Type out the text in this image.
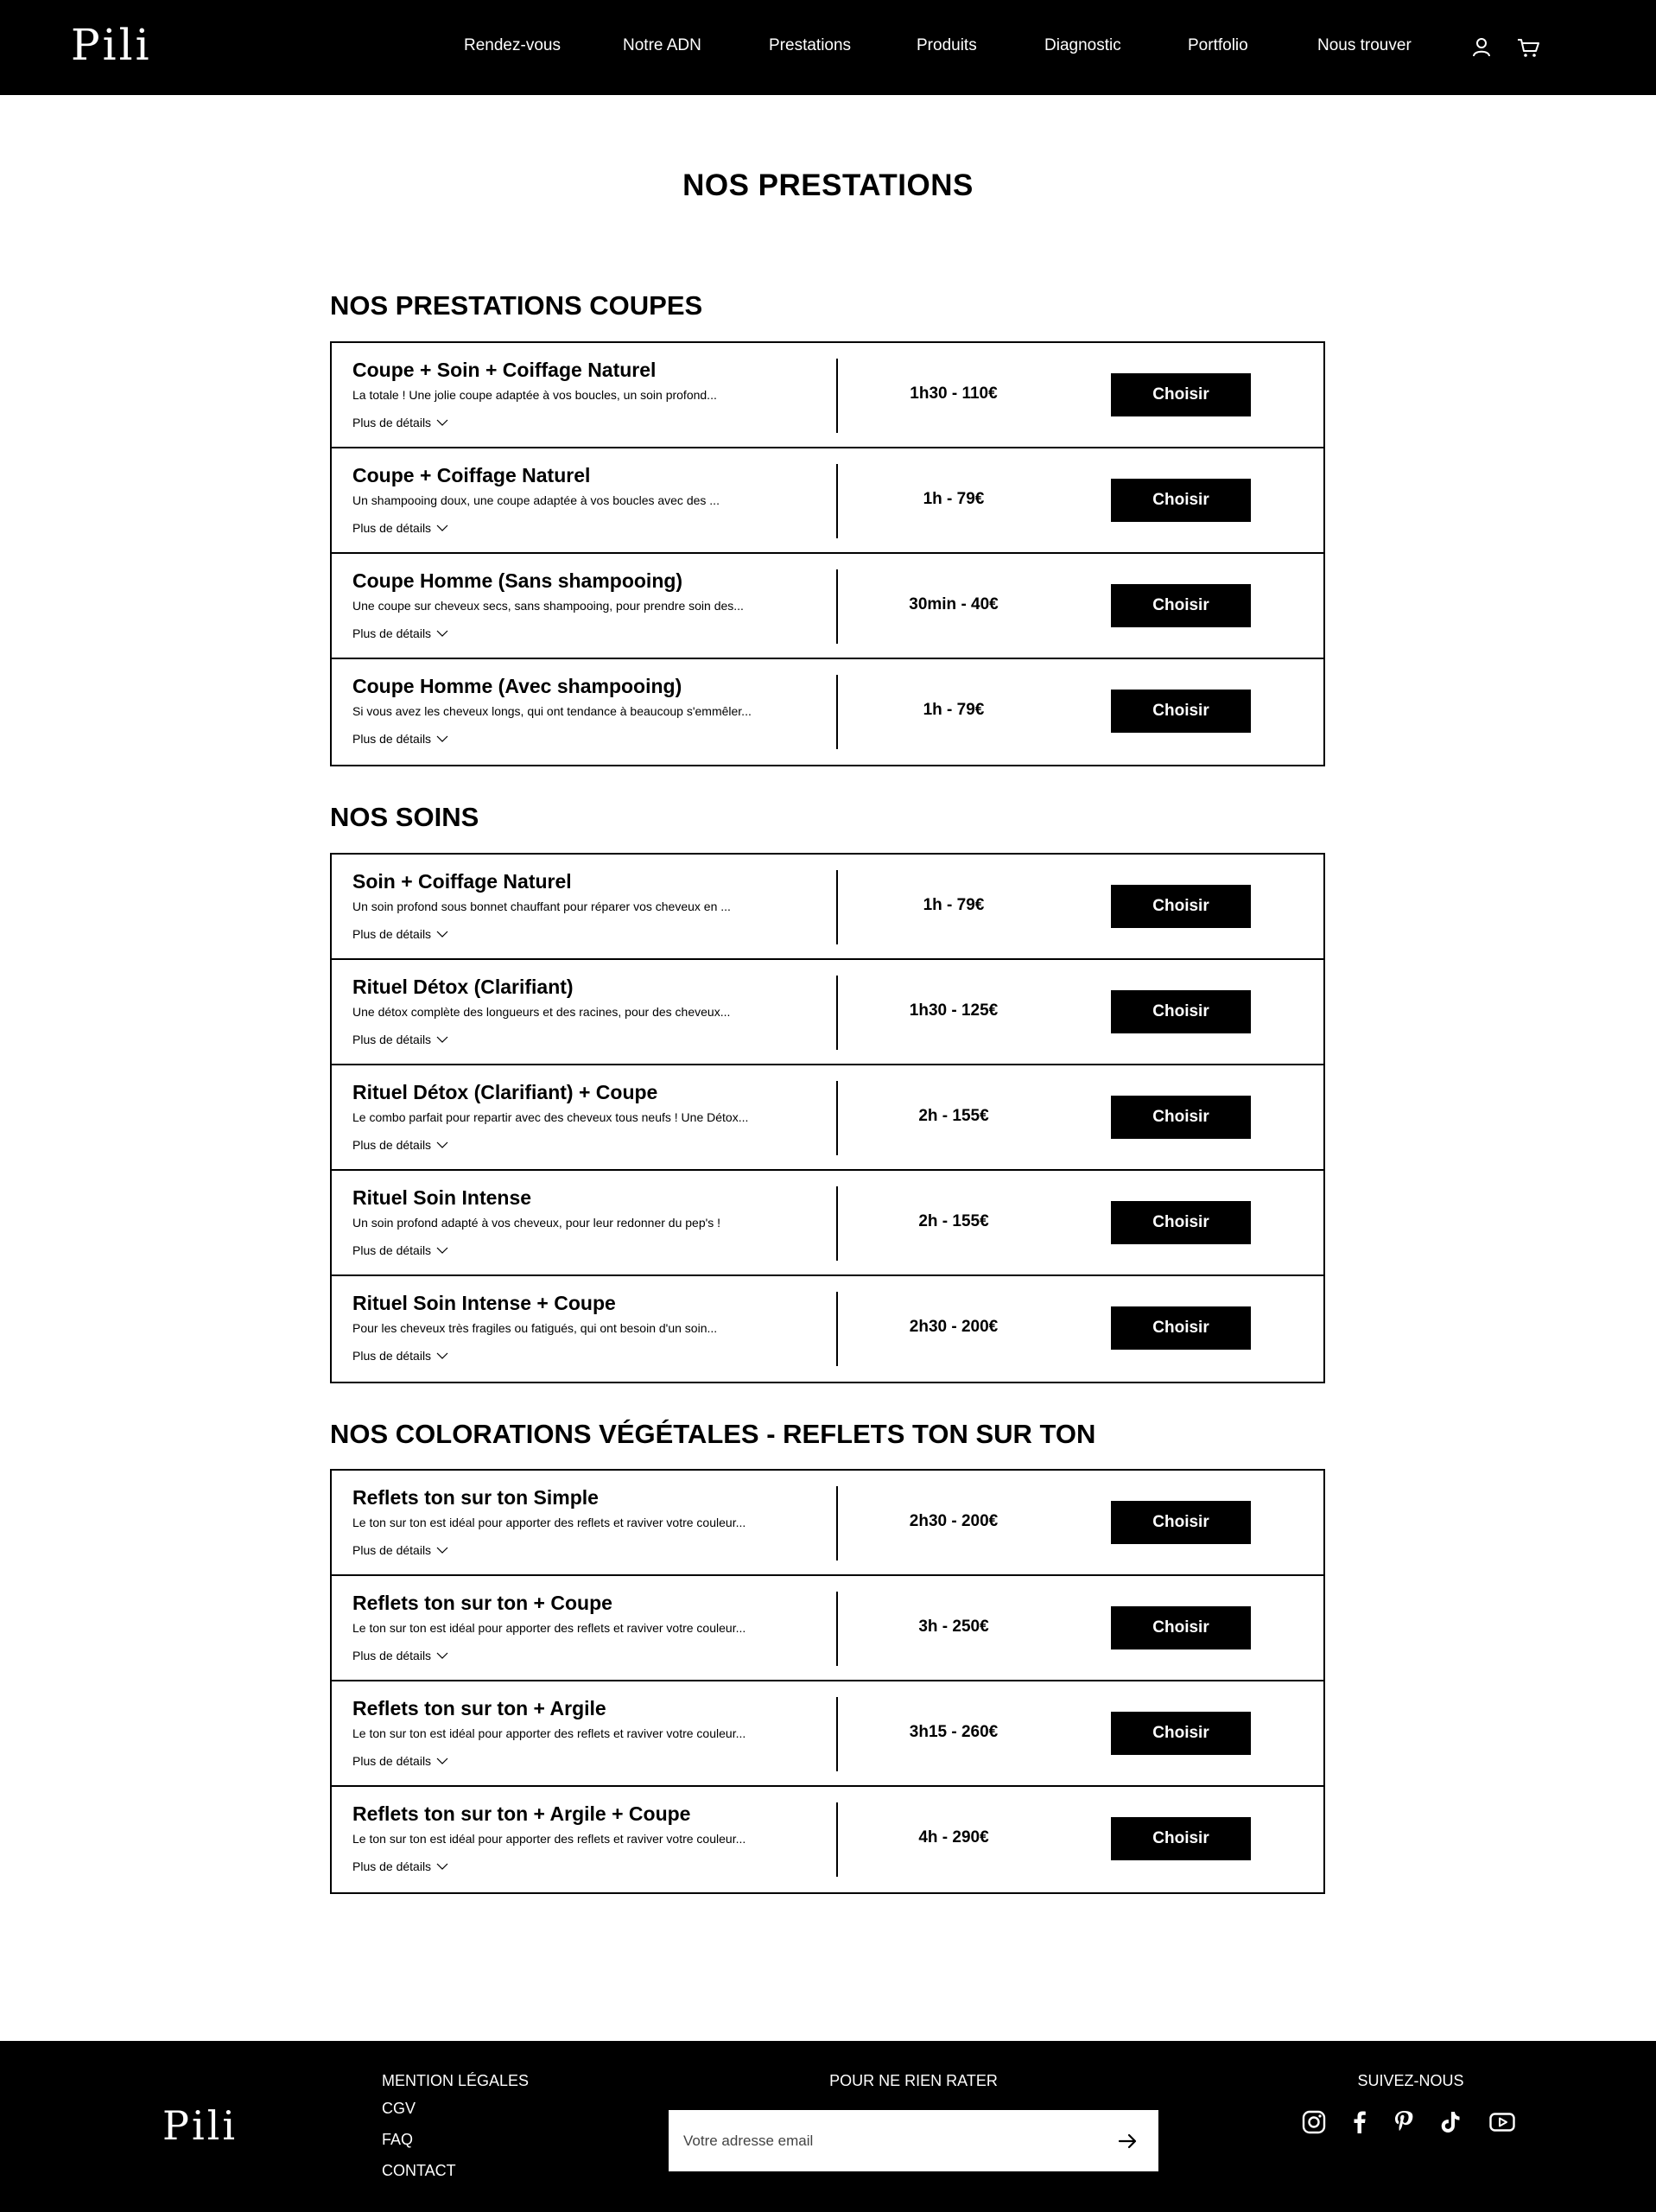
Pili	Rendez-vous	Notre ADN	Prestations	Produits	Diagnostic	Portfolio	Nous trouver
NOS PRESTATIONS
NOS PRESTATIONS COUPES
Coupe + Soin + Coiffage Naturel
La totale ! Une jolie coupe adaptée à vos boucles, un soin profond...
Plus de détails
1h30 - 110€	Choisir
Coupe + Coiffage Naturel
Un shampooing doux, une coupe adaptée à vos boucles avec des ...
Plus de détails
1h - 79€	Choisir
Coupe Homme (Sans shampooing)
Une coupe sur cheveux secs, sans shampooing, pour prendre soin des...
Plus de détails
30min - 40€	Choisir
Coupe Homme (Avec shampooing)
Si vous avez les cheveux longs, qui ont tendance à beaucoup s'emmêler...
Plus de détails
1h - 79€	Choisir
NOS SOINS
Soin + Coiffage Naturel
Un soin profond sous bonnet chauffant pour réparer vos cheveux en ...
Plus de détails
1h - 79€	Choisir
Rituel Détox (Clarifiant)
Une détox complète des longueurs et des racines, pour des cheveux...
Plus de détails
1h30 - 125€	Choisir
Rituel Détox (Clarifiant) + Coupe
Le combo parfait pour repartir avec des cheveux tous neufs ! Une Détox...
Plus de détails
2h - 155€	Choisir
Rituel Soin Intense
Un soin profond adapté à vos cheveux, pour leur redonner du pep's !
Plus de détails
2h - 155€	Choisir
Rituel Soin Intense + Coupe
Pour les cheveux très fragiles ou fatigués, qui ont besoin d'un soin...
Plus de détails
2h30 - 200€	Choisir
NOS COLORATIONS VÉGÉTALES - REFLETS TON SUR TON
Reflets ton sur ton Simple
Le ton sur ton est idéal pour apporter des reflets et raviver votre couleur...
Plus de détails
2h30 - 200€	Choisir
Reflets ton sur ton + Coupe
Le ton sur ton est idéal pour apporter des reflets et raviver votre couleur...
Plus de détails
3h - 250€	Choisir
Reflets ton sur ton + Argile
Le ton sur ton est idéal pour apporter des reflets et raviver votre couleur...
Plus de détails
3h15 - 260€	Choisir
Reflets ton sur ton + Argile + Coupe
Le ton sur ton est idéal pour apporter des reflets et raviver votre couleur...
Plus de détails
4h - 290€	Choisir
Pili
MENTION LÉGALES
CGV
FAQ
CONTACT
POUR NE RIEN RATER
Votre adresse email	SUIVEZ-NOUS
